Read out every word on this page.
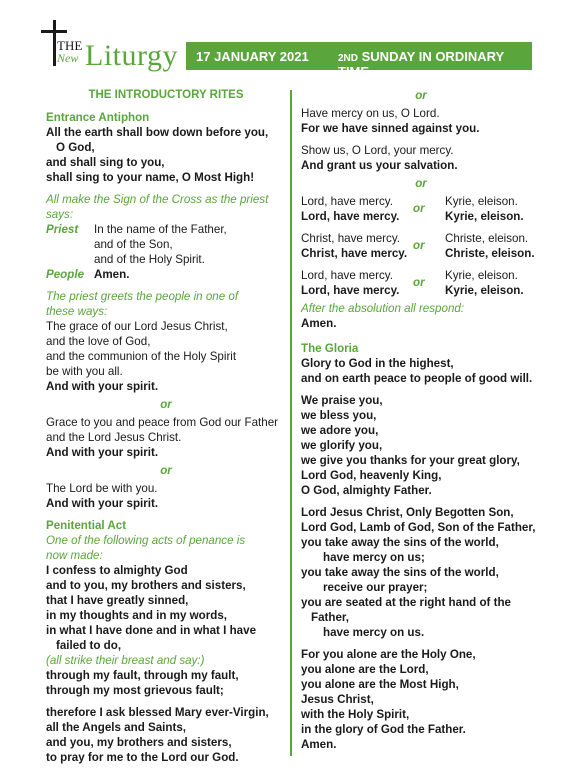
THE
New Liturgy 17 JANUARY 2021	2ND SUNDAY IN ORDINARY TIME
THE INTRODUCTORY RITES
Entrance Antiphon
All the earth shall bow down before you,
O God,
and shall sing to you,
shall sing to your name, O Most High!
All make the Sign of the Cross as the priest
says:
Priest	In the name of the Father,
and of the Son,
and of the Holy Spirit.
People Amen.
The priest greets the people in one of
these ways:
The grace of our Lord Jesus Christ,
and the love of God,
and the communion of the Holy Spirit
be with you all.
And with your spirit.
or
Grace to you and peace from God our Father
and the Lord Jesus Christ.
And with your spirit.
or
The Lord be with you.
And with your spirit.
Penitential Act
One of the following acts of penance is
now made:
I confess to almighty God
and to you, my brothers and sisters,
that I have greatly sinned,
in my thoughts and in my words,
in what I have done and in what I have
failed to do,
(all strike their breast and say:)
through my fault, through my fault,
through my most grievous fault;
therefore I ask blessed Mary ever-Virgin,
all the Angels and Saints,
and you, my brothers and sisters,
to pray for me to the Lord our God.
or
Have mercy on us, O Lord.
For we have sinned against you.
Show us, O Lord, your mercy.
And grant us your salvation.
or
Lord, have mercy.
Lord, have mercy.
or
Kyrie, eleison.
Kyrie, eleison.
Christ, have mercy.
Christ, have mercy.
or
Christe, eleison.
Christe, eleison.
Lord, have mercy.
Lord, have mercy.
or
Kyrie, eleison.
Kyrie, eleison.
After the absolution all respond:
Amen.
The Gloria
Glory to God in the highest,
and on earth peace to people of good will.
We praise you,
we bless you,
we adore you,
we glorify you,
we give you thanks for your great glory,
Lord God, heavenly King,
O God, almighty Father.
Lord Jesus Christ, Only Begotten Son,
Lord God, Lamb of God, Son of the Father,
you take away the sins of the world,
have mercy on us;
you take away the sins of the world,
receive our prayer;
you are seated at the right hand of the
Father,
have mercy on us.
For you alone are the Holy One,
you alone are the Lord,
you alone are the Most High,
Jesus Christ,
with the Holy Spirit,
in the glory of God the Father.
Amen.
